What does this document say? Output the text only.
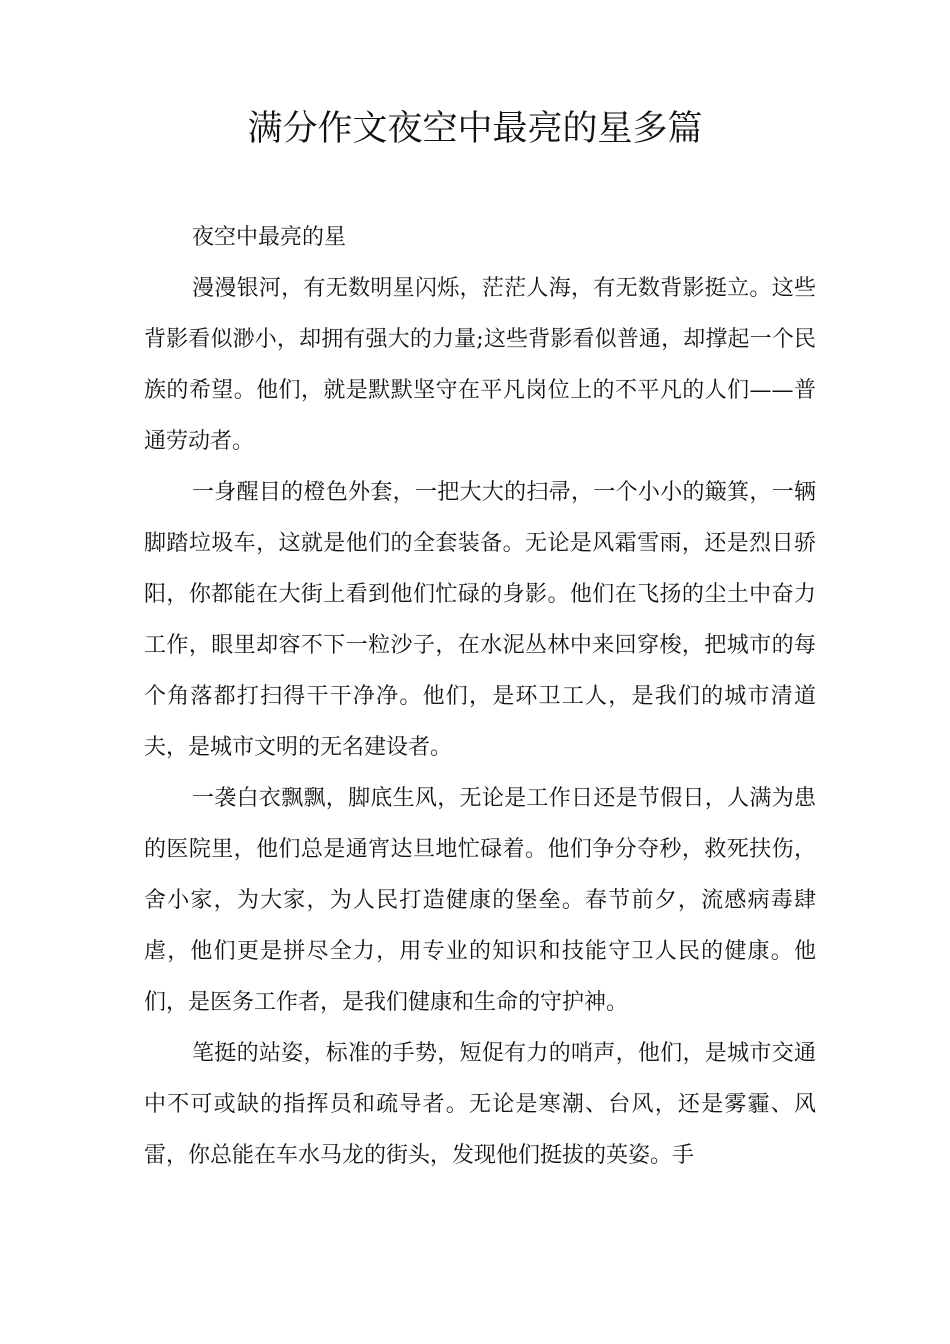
满分作文夜空中最亮的星多篇

夜空中最亮的星

漫漫银河，有无数明星闪烁，茫茫人海，有无数背影挺立。这些背影看似渺小，却拥有强大的力量;这些背影看似普通，却撑起一个民族的希望。他们，就是默默坚守在平凡岗位上的不平凡的人们——普通劳动者。

一身醒目的橙色外套，一把大大的扫帚，一个小小的簸箕，一辆脚踏垃圾车，这就是他们的全套装备。无论是风霜雪雨，还是烈日骄阳，你都能在大街上看到他们忙碌的身影。他们在飞扬的尘土中奋力工作，眼里却容不下一粒沙子，在水泥丛林中来回穿梭，把城市的每个角落都打扫得干干净净。他们，是环卫工人，是我们的城市清道夫，是城市文明的无名建设者。

一袭白衣飘飘，脚底生风，无论是工作日还是节假日，人满为患的医院里，他们总是通宵达旦地忙碌着。他们争分夺秒，救死扶伤，舍小家，为大家，为人民打造健康的堡垒。春节前夕，流感病毒肆虐，他们更是拼尽全力，用专业的知识和技能守卫人民的健康。他们，是医务工作者，是我们健康和生命的守护神。

笔挺的站姿，标准的手势，短促有力的哨声，他们，是城市交通中不可或缺的指挥员和疏导者。无论是寒潮、台风，还是雾霾、风雷，你总能在车水马龙的街头，发现他们挺拔的英姿。手
